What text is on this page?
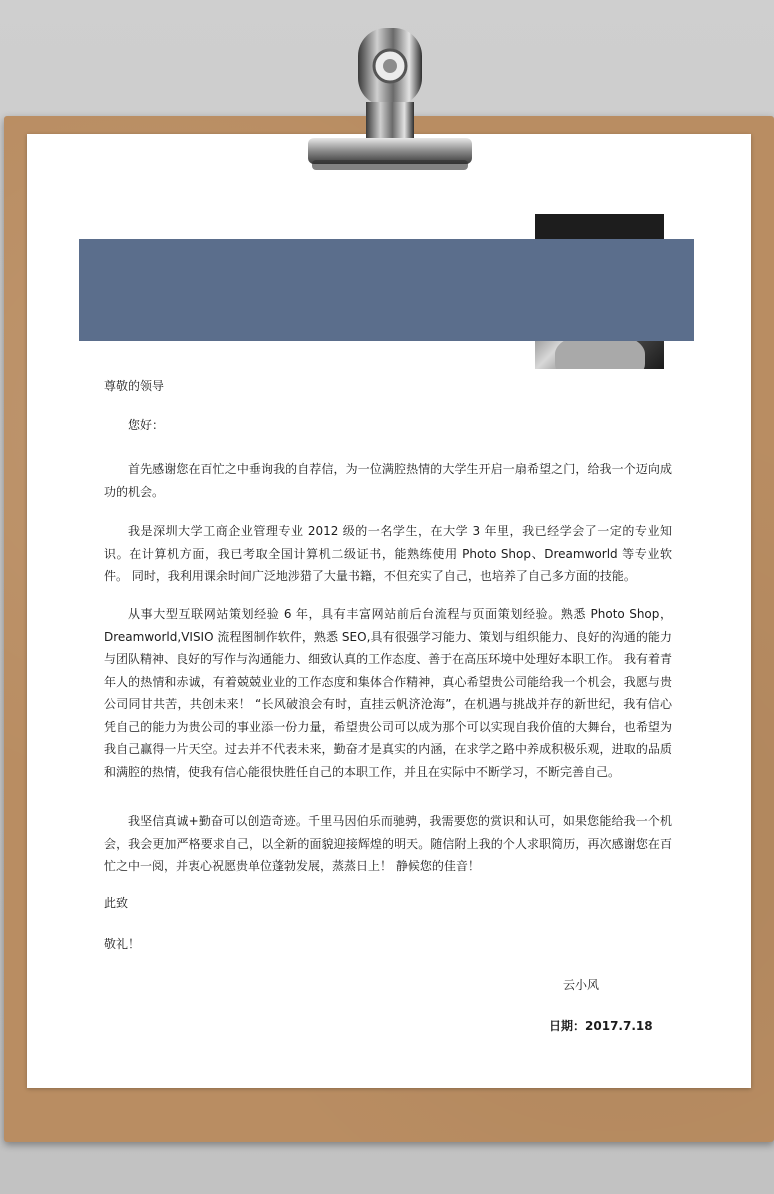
尊敬的领导
您好：

首先感谢您在百忙之中垂询我的自荐信，为一位满腔热情的大学生开启一扇希望之门，给我一个迈向成功的机会。

我是深圳大学工商企业管理专业 2012 级的一名学生，在大学 3 年里，我已经学会了一定的专业知识。在计算机方面，我已考取全国计算机二级证书，能熟练使用 Photo Shop、Dreamworld 等专业软件。 同时，我利用课余时间广泛地涉猎了大量书籍，不但充实了自己，也培养了自己多方面的技能。

从事大型互联网站策划经验 6 年，具有丰富网站前后台流程与页面策划经验。熟悉 Photo Shop，Dreamworld,VISIO 流程图制作软件，熟悉 SEO,具有很强学习能力、策划与组织能力、良好的沟通的能力与团队精神、良好的写作与沟通能力、细致认真的工作态度、善于在高压环境中处理好本职工作。 我有着青年人的热情和赤诚，有着兢兢业业的工作态度和集体合作精神，真心希望贵公司能给我一个机会，我愿与贵公司同甘共苦，共创未来！ “长风破浪会有时，直挂云帆济沧海”，在机遇与挑战并存的新世纪，我有信心凭自己的能力为贵公司的事业添一份力量，希望贵公司可以成为那个可以实现自我价值的大舞台，也希望为我自己赢得一片天空。过去并不代表未来，勤奋才是真实的内涵，在求学之路中养成积极乐观，进取的品质和满腔的热情，使我有信心能很快胜任自己的本职工作，并且在实际中不断学习，不断完善自己。

我坚信真诚+勤奋可以创造奇迹。千里马因伯乐而驰骋，我需要您的赏识和认可，如果您能给我一个机会，我会更加严格要求自己，以全新的面貌迎接辉煌的明天。随信附上我的个人求职简历，再次感谢您在百忙之中一阅，并衷心祝愿贵单位蓬勃发展，蒸蒸日上！ 静候您的佳音！

此致
敬礼！
云小风
日期：2017.7.18
